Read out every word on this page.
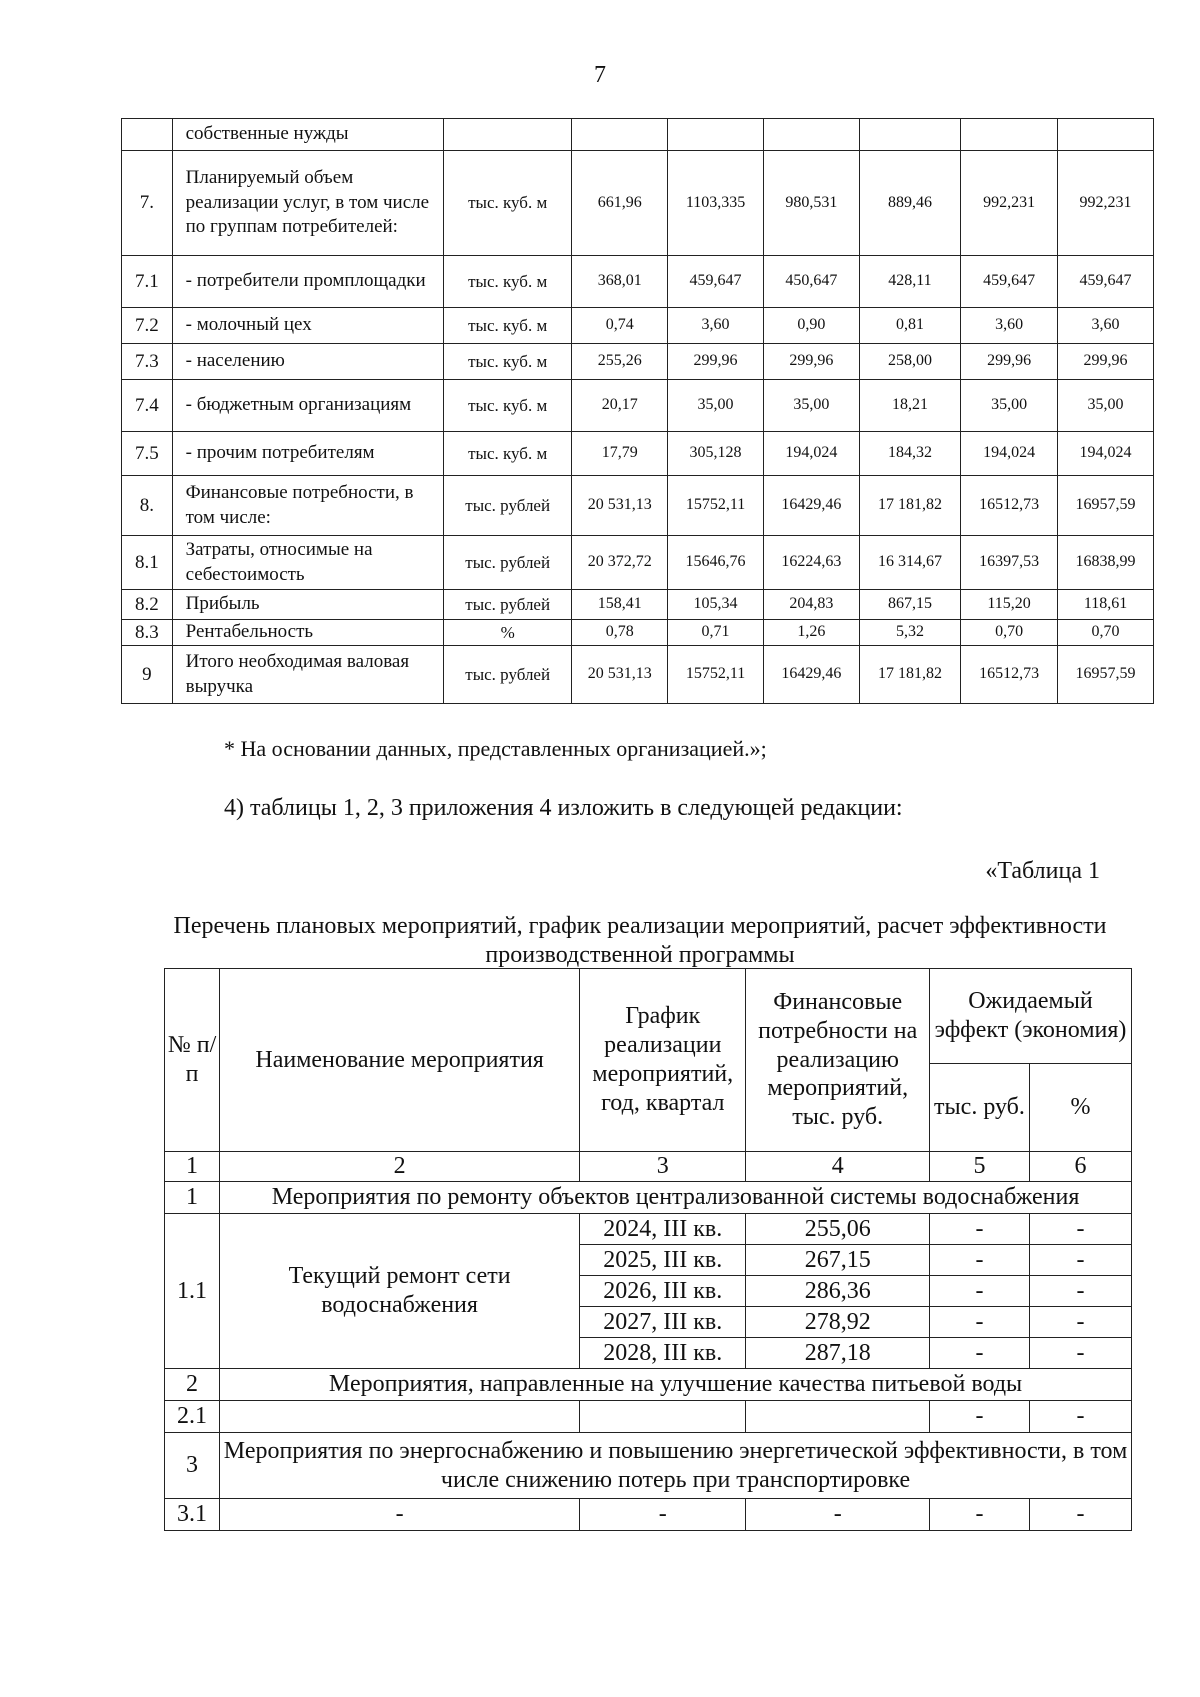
7
	собственные нужды							
7.	Планируемый объем реализации услуг, в том числе по группам потребителей:	тыс. куб. м	661,96	1103,335	980,531	889,46	992,231	992,231
7.1	- потребители промплощадки	тыс. куб. м	368,01	459,647	450,647	428,11	459,647	459,647
7.2	- молочный цех	тыс. куб. м	0,74	3,60	0,90	0,81	3,60	3,60
7.3	- населению	тыс. куб. м	255,26	299,96	299,96	258,00	299,96	299,96
7.4	- бюджетным организациям	тыс. куб. м	20,17	35,00	35,00	18,21	35,00	35,00
7.5	- прочим потребителям	тыс. куб. м	17,79	305,128	194,024	184,32	194,024	194,024
8.	Финансовые потребности, в том числе:	тыс. рублей	20 531,13	15752,11	16429,46	17 181,82	16512,73	16957,59
8.1	Затраты, относимые на себестоимость	тыс. рублей	20 372,72	15646,76	16224,63	16 314,67	16397,53	16838,99
8.2	Прибыль	тыс. рублей	158,41	105,34	204,83	867,15	115,20	118,61
8.3	Рентабельность	%	0,78	0,71	1,26	5,32	0,70	0,70
9	Итого необходимая валовая выручка	тыс. рублей	20 531,13	15752,11	16429,46	17 181,82	16512,73	16957,59
* На основании данных, представленных организацией.»;
4) таблицы 1, 2, 3 приложения 4 изложить в следующей редакции:
«Таблица 1
Перечень плановых мероприятий, график реализации мероприятий, расчет эффективности производственной программы
№ п/п	Наименование мероприятия	График реализации мероприятий, год, квартал	Финансовые потребности на реализацию мероприятий, тыс. руб.	Ожидаемый эффект (экономия)	
				тыс. руб.	%
1	2	3	4	5	6
1	Мероприятия по ремонту объектов централизованной системы водоснабжения				
1.1	Текущий ремонт сети водоснабжения	2024, III кв.	255,06	-	-
		2025, III кв.	267,15	-	-
		2026, III кв.	286,36	-	-
		2027, III кв.	278,92	-	-
		2028, III кв.	287,18	-	-
2	Мероприятия, направленные на улучшение качества питьевой воды				
2.1				-	-
3	Мероприятия по энергоснабжению и повышению энергетической эффективности, в том числе снижению потерь при транспортировке				
3.1	-	-	-	-	-
